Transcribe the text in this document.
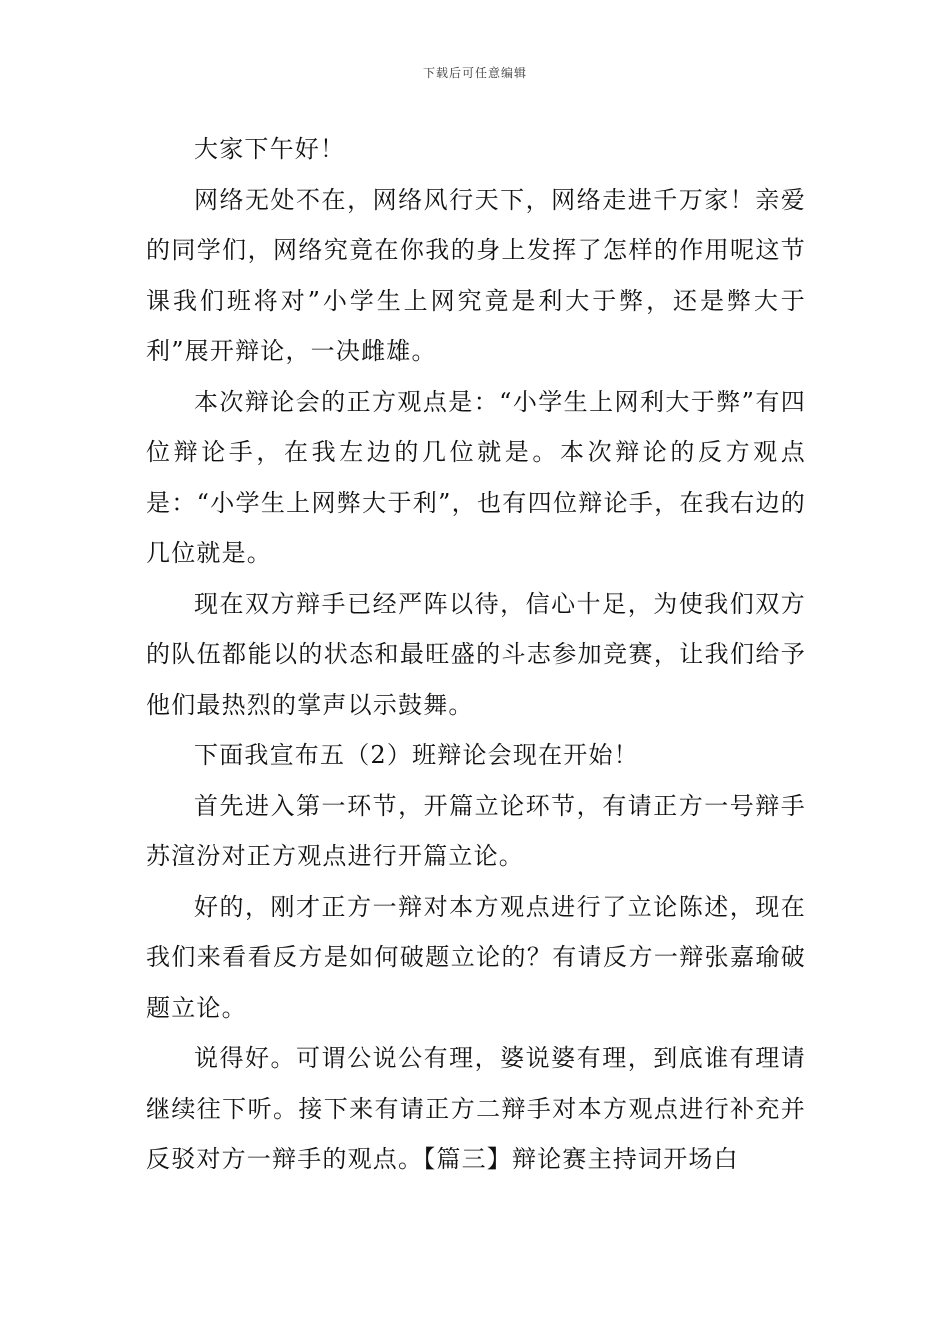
下载后可任意编辑

大家下午好！

网络无处不在，网络风行天下，网络走进千万家！亲爱的同学们，网络究竟在你我的身上发挥了怎样的作用呢这节课我们班将对”小学生上网究竟是利大于弊，还是弊大于利”展开辩论，一决雌雄。

本次辩论会的正方观点是：“小学生上网利大于弊”有四位辩论手，在我左边的几位就是。本次辩论的反方观点是：“小学生上网弊大于利”，也有四位辩论手，在我右边的几位就是。

现在双方辩手已经严阵以待，信心十足，为使我们双方的队伍都能以的状态和最旺盛的斗志参加竞赛，让我们给予他们最热烈的掌声以示鼓舞。

下面我宣布五（2）班辩论会现在开始！

首先进入第一环节，开篇立论环节，有请正方一号辩手苏渲汾对正方观点进行开篇立论。

好的，刚才正方一辩对本方观点进行了立论陈述，现在我们来看看反方是如何破题立论的？有请反方一辩张嘉瑜破题立论。

说得好。可谓公说公有理，婆说婆有理，到底谁有理请继续往下听。接下来有请正方二辩手对本方观点进行补充并反驳对方一辩手的观点。【篇三】辩论赛主持词开场白
